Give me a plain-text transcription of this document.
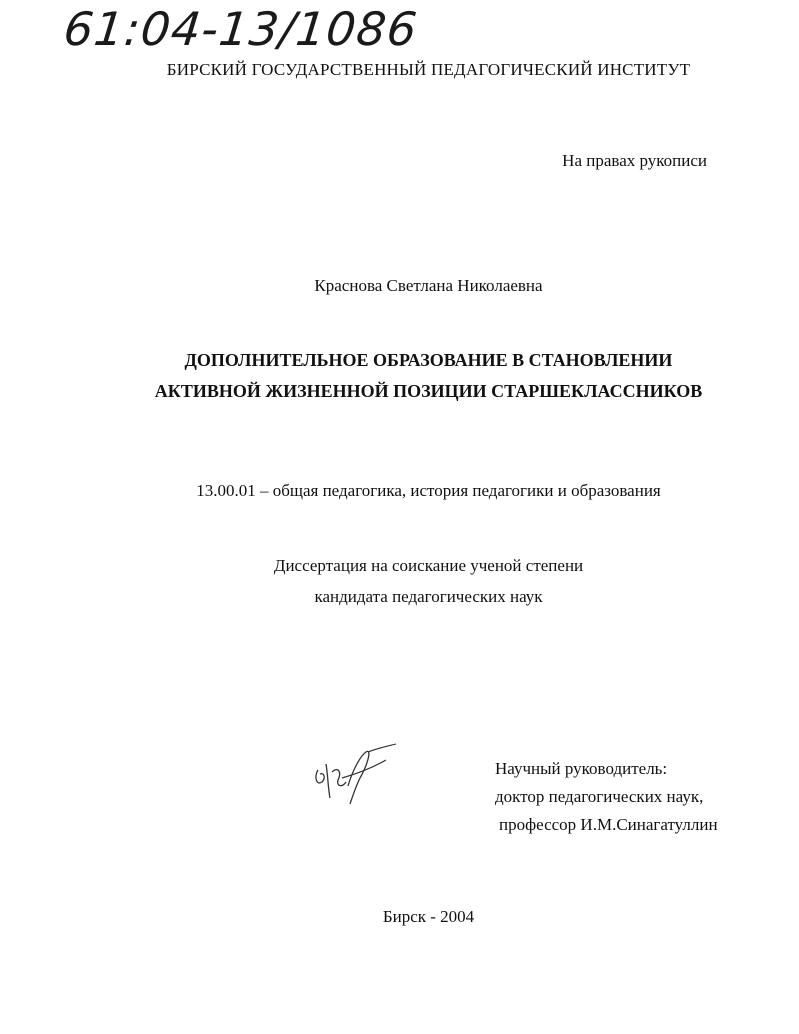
61:04-13/1086
БИРСКИЙ ГОСУДАРСТВЕННЫЙ ПЕДАГОГИЧЕСКИЙ ИНСТИТУТ
На правах рукописи
Краснова Светлана Николаевна
ДОПОЛНИТЕЛЬНОЕ ОБРАЗОВАНИЕ В СТАНОВЛЕНИИ
АКТИВНОЙ ЖИЗНЕННОЙ ПОЗИЦИИ СТАРШЕКЛАССНИКОВ
13.00.01 – общая педагогика, история педагогики и образования
Диссертация на соискание ученой степени
кандидата педагогических наук
Научный руководитель:
доктор педагогических наук,
профессор И.М.Синагатуллин
Бирск - 2004
